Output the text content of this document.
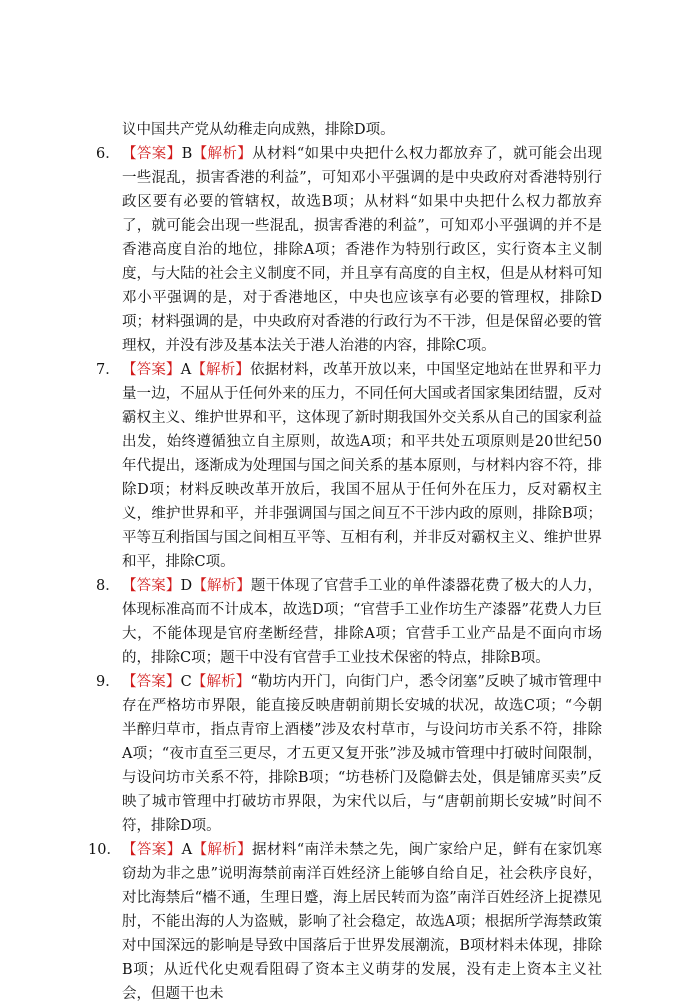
议中国共产党从幼稚走向成熟，排除D项。

6． 【答案】B【解析】从材料“如果中央把什么权力都放弃了，就可能会出现一些混乱，损害香港的利益”，可知邓小平强调的是中央政府对香港特别行政区要有必要的管辖权，故选B项；从材料“如果中央把什么权力都放弃了，就可能会出现一些混乱，损害香港的利益”，可知邓小平强调的并不是香港高度自治的地位，排除A项；香港作为特别行政区，实行资本主义制度，与大陆的社会主义制度不同，并且享有高度的自主权，但是从材料可知邓小平强调的是，对于香港地区，中央也应该享有必要的管理权，排除D项；材料强调的是，中央政府对香港的行政行为不干涉，但是保留必要的管理权，并没有涉及基本法关于港人治港的内容，排除C项。
7． 【答案】A【解析】依据材料，改革开放以来，中国坚定地站在世界和平力量一边，不屈从于任何外来的压力，不同任何大国或者国家集团结盟，反对霸权主义、维护世界和平，这体现了新时期我国外交关系从自己的国家利益出发，始终遵循独立自主原则，故选A项；和平共处五项原则是20世纪50年代提出，逐渐成为处理国与国之间关系的基本原则，与材料内容不符，排除D项；材料反映改革开放后，我国不屈从于任何外在压力，反对霸权主义，维护世界和平，并非强调国与国之间互不干涉内政的原则，排除B项；平等互利指国与国之间相互平等、互相有利，并非反对霸权主义、维护世界和平，排除C项。
8． 【答案】D【解析】题干体现了官营手工业的单件漆器花费了极大的人力，体现标准高而不计成本，故选D项；“官营手工业作坊生产漆器”花费人力巨大，不能体现是官府垄断经营，排除A项；官营手工业产品是不面向市场的，排除C项；题干中没有官营手工业技术保密的特点，排除B项。
9． 【答案】C【解析】“勒坊内开门，向街门户，悉令闭塞”反映了城市管理中存在严格坊市界限，能直接反映唐朝前期长安城的状况，故选C项；“今朝半醉归草市，指点青帘上酒楼”涉及农村草市，与设问坊市关系不符，排除A项；“夜市直至三更尽，才五更又复开张”涉及城市管理中打破时间限制，与设问坊市关系不符，排除B项；“坊巷桥门及隐僻去处，俱是铺席买卖”反映了城市管理中打破坊市界限，为宋代以后，与“唐朝前期长安城”时间不符，排除D项。
10． 【答案】A【解析】据材料“南洋未禁之先，闽广家给户足，鲜有在家饥寒窃劫为非之患”说明海禁前南洋百姓经济上能够自给自足，社会秩序良好，对比海禁后“檣不通，生理日蹙，海上居民转而为盗”南洋百姓经济上捉襟见肘，不能出海的人为盗贼，影响了社会稳定，故选A项；根据所学海禁政策对中国深远的影响是导致中国落后于世界发展潮流，B项材料未体现，排除B项；从近代化史观看阻碍了资本主义萌芽的发展，没有走上资本主义社会，但题干也未
